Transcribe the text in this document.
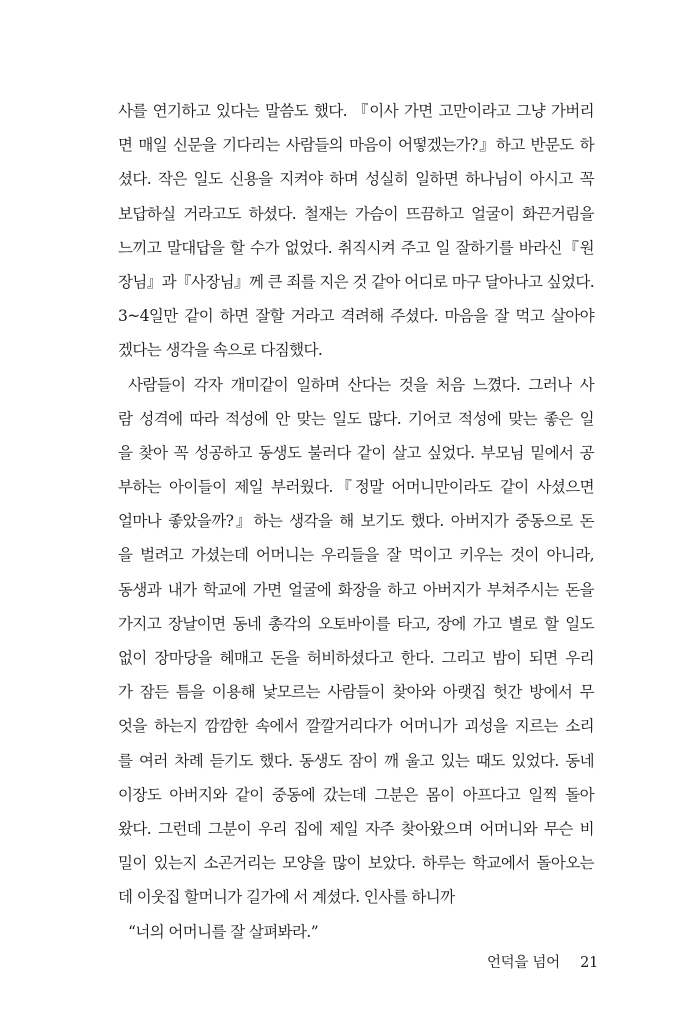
사를 연기하고 있다는 말씀도 했다. 『이사 가면 고만이라고 그냥 가버리
면 매일 신문을 기다리는 사람들의 마음이 어떻겠는가?』하고 반문도 하
셨다. 작은 일도 신용을 지켜야 하며 성실히 일하면 하나님이 아시고 꼭
보답하실 거라고도 하셨다. 철재는 가슴이 뜨끔하고 얼굴이 화끈거림을
느끼고 말대답을 할 수가 없었다. 취직시켜 주고 일 잘하기를 바라신『원
장님』과『사장님』께 큰 죄를 지은 것 같아 어디로 마구 달아나고 싶었다.
3~4일만 같이 하면 잘할 거라고 격려해 주셨다. 마음을 잘 먹고 살아야
겠다는 생각을 속으로 다짐했다.
사람들이 각자 개미같이 일하며 산다는 것을 처음 느꼈다. 그러나 사
람 성격에 따라 적성에 안 맞는 일도 많다. 기어코 적성에 맞는 좋은 일
을 찾아 꼭 성공하고 동생도 불러다 같이 살고 싶었다. 부모님 밑에서 공
부하는 아이들이 제일 부러웠다.『정말 어머니만이라도 같이 사셨으면
얼마나 좋았을까?』하는 생각을 해 보기도 했다. 아버지가 중동으로 돈
을 벌려고 가셨는데 어머니는 우리들을 잘 먹이고 키우는 것이 아니라,
동생과 내가 학교에 가면 얼굴에 화장을 하고 아버지가 부쳐주시는 돈을
가지고 장날이면 동네 총각의 오토바이를 타고, 장에 가고 별로 할 일도
없이 장마당을 헤매고 돈을 허비하셨다고 한다. 그리고 밤이 되면 우리
가 잠든 틈을 이용해 낯모르는 사람들이 찾아와 아랫집 헛간 방에서 무
엇을 하는지 깜깜한 속에서 깔깔거리다가 어머니가 괴성을 지르는 소리
를 여러 차례 듣기도 했다. 동생도 잠이 깨 울고 있는 때도 있었다. 동네
이장도 아버지와 같이 중동에 갔는데 그분은 몸이 아프다고 일찍 돌아
왔다. 그런데 그분이 우리 집에 제일 자주 찾아왔으며 어머니와 무슨 비
밀이 있는지 소곤거리는 모양을 많이 보았다. 하루는 학교에서 돌아오는
데 이웃집 할머니가 길가에 서 계셨다. 인사를 하니까
“너의 어머니를 잘 살펴봐라.”
언덕을 넘어 21
